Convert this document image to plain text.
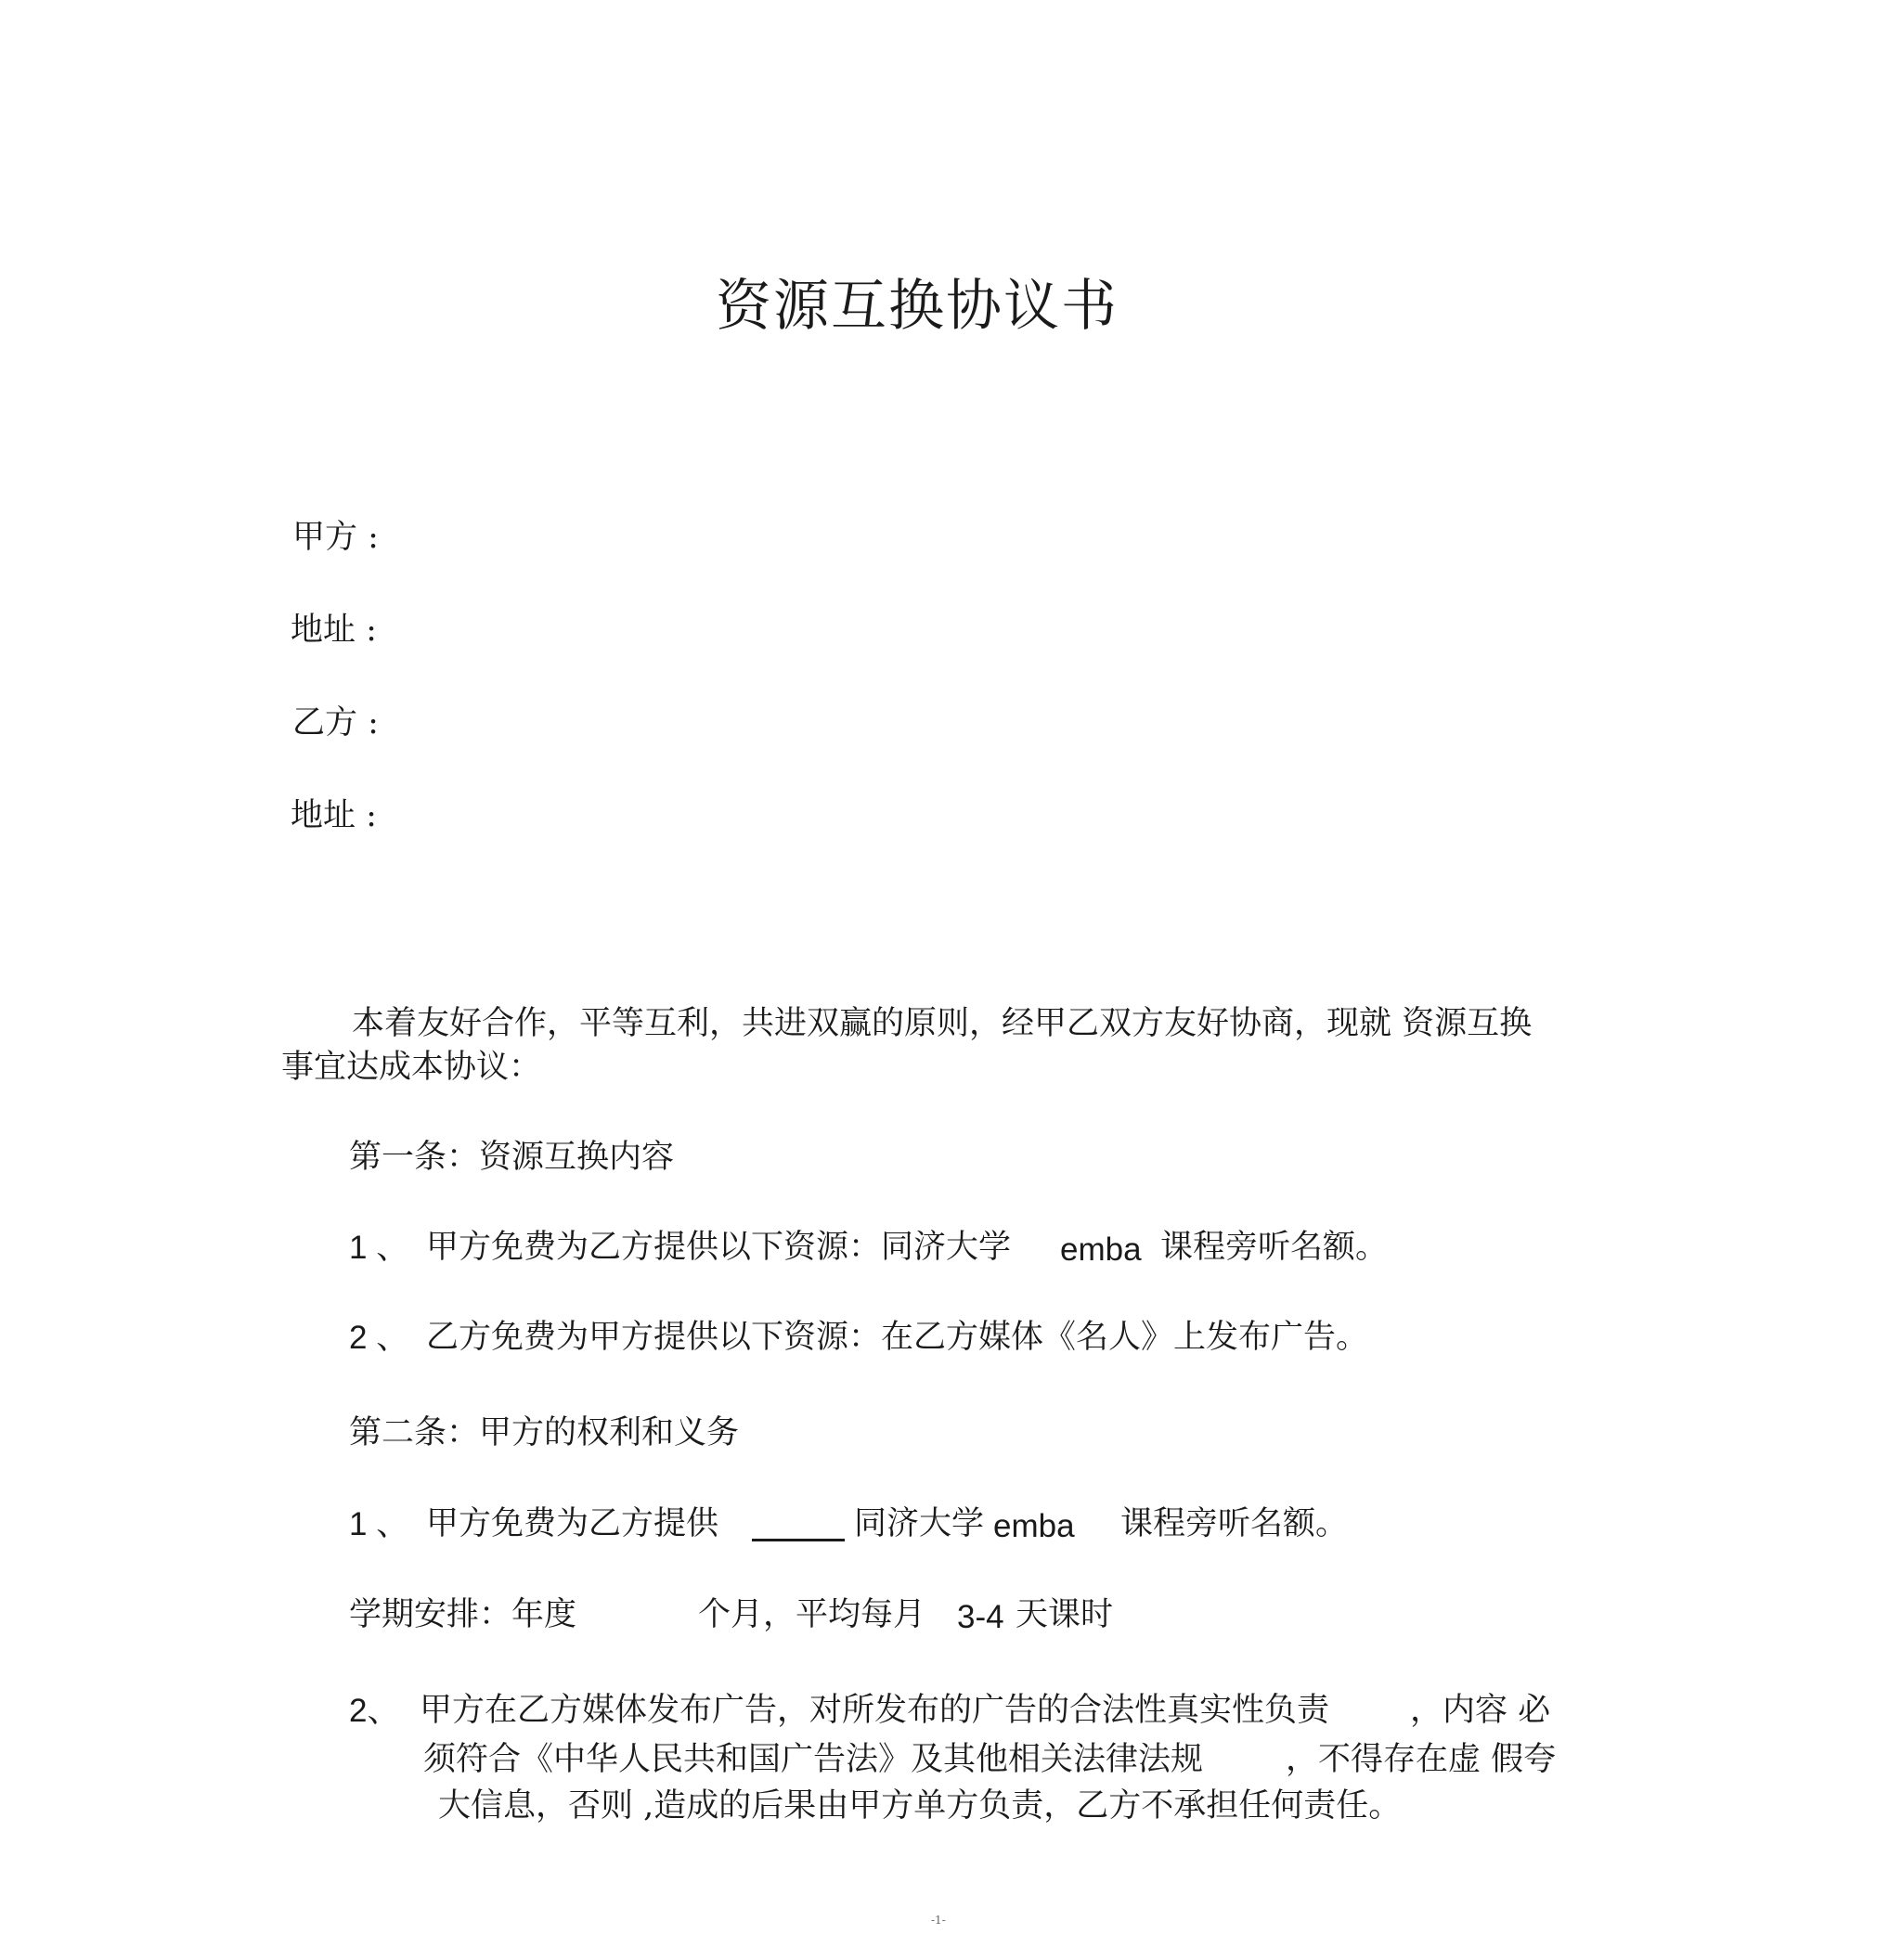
资源互换协议书
甲方 :
地址 :
乙方 :
地址 :
本着友好合作，平等互利，共进双赢的原则，经甲乙双方友好协商，现就 资源互换
事宜达成本协议：
第一条：资源互换内容
1 、 甲方免费为乙方提供以下资源：同济大学 emba 课程旁听名额。
2 、 乙方免费为甲方提供以下资源：在乙方媒体《名人》上发布广告。
第二条：甲方的权利和义务
1 、 甲方免费为乙方提供	同济大学 emba 课程旁听名额。
学期安排：年度	个月，平均每月 3-4 天课时
2、 甲方在乙方媒体发布广告，对所发布的广告的合法性真实性负责 ，内容 必
须符合《中华人民共和国广告法》及其他相关法律法规	，不得存在虚 假夸
大信息，否则 ,造成的后果由甲方单方负责，乙方不承担任何责任。
-1-
